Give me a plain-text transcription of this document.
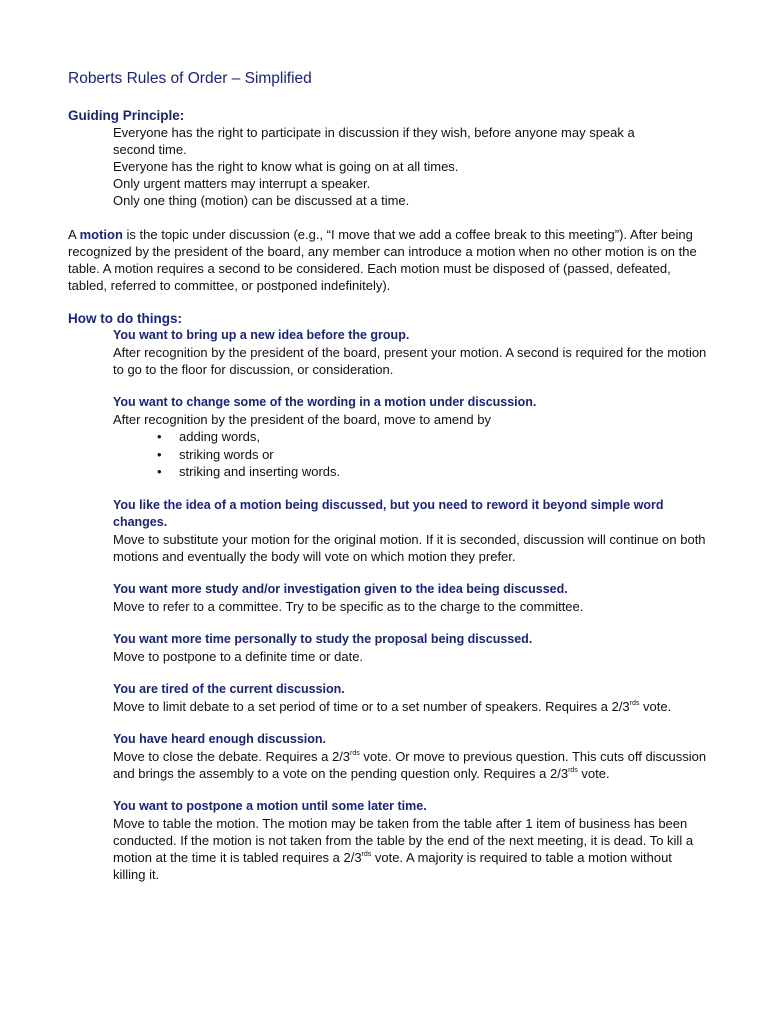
Roberts Rules of Order – Simplified
Guiding Principle:

Everyone has the right to participate in discussion if they wish, before anyone may speak a

second time.

Everyone has the right to know what is going on at all times.

Only urgent matters may interrupt a speaker.

Only one thing (motion) can be discussed at a time.

A motion is the topic under discussion (e.g., “I move that we add a coffee break to this meeting”). After being recognized by the president of the board, any member can introduce a motion when no other motion is on the table. A motion requires a second to be considered. Each motion must be disposed of (passed, defeated, tabled, referred to committee, or postponed indefinitely).

How to do things:

You want to bring up a new idea before the group.

After recognition by the president of the board, present your motion. A second is required for the motion to go to the floor for discussion, or consideration.

You want to change some of the wording in a motion under discussion.

After recognition by the president of the board, move to amend by

• adding words,
• striking words or
• striking and inserting words.

You like the idea of a motion being discussed, but you need to reword it beyond simple word changes.

Move to substitute your motion for the original motion. If it is seconded, discussion will continue on both motions and eventually the body will vote on which motion they prefer.

You want more study and/or investigation given to the idea being discussed.

Move to refer to a committee. Try to be specific as to the charge to the committee.

You want more time personally to study the proposal being discussed.

Move to postpone to a definite time or date.

You are tired of the current discussion.

Move to limit debate to a set period of time or to a set number of speakers. Requires a $2/3^{rds}$ vote.

You have heard enough discussion.

Move to close the debate. Requires a $2/3^{rds}$ vote. Or move to previous question. This cuts off discussion and brings the assembly to a vote on the pending question only. Requires a $2/3^{rds}$ vote.

You want to postpone a motion until some later time.

Move to table the motion. The motion may be taken from the table after 1 item of business has been conducted. If the motion is not taken from the table by the end of the next meeting, it is dead. To kill a motion at the time it is tabled requires a $2/3^{rds}$ vote. A majority is required to table a motion without killing it.
